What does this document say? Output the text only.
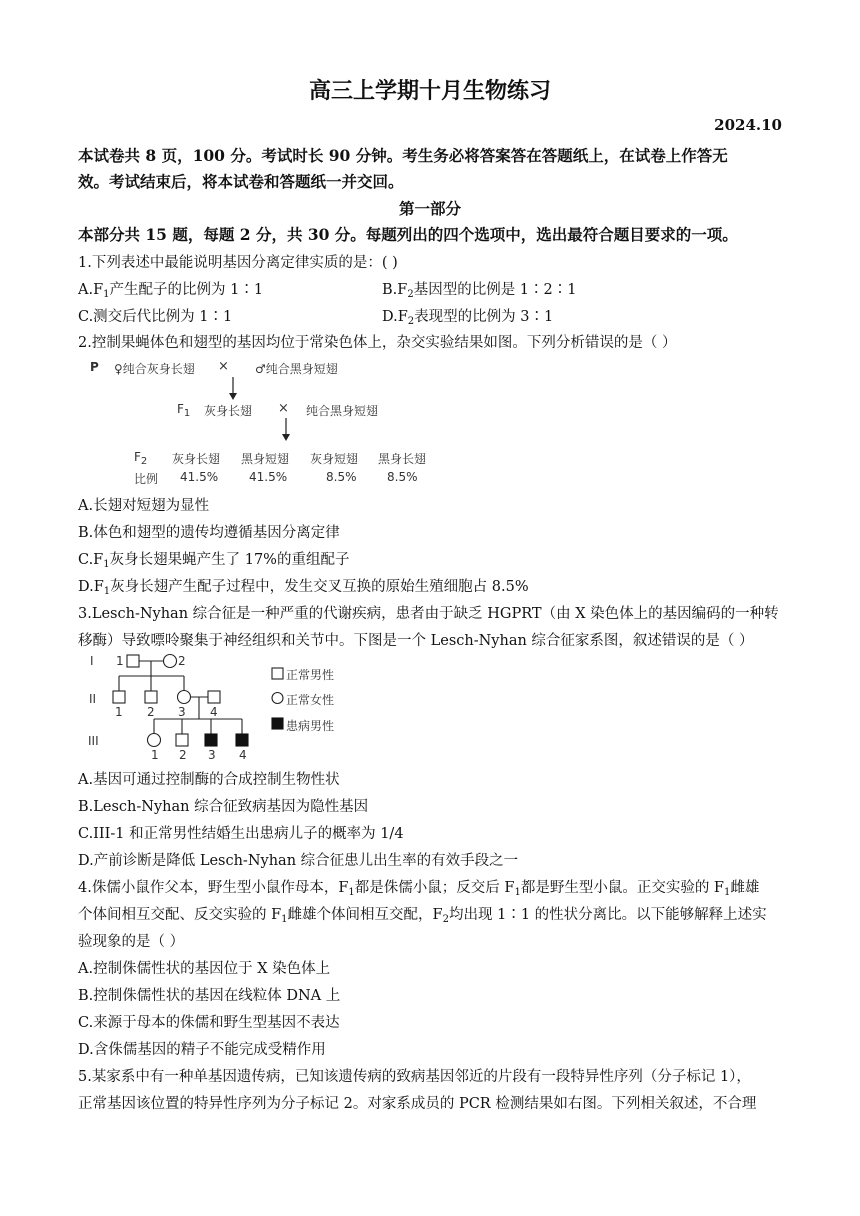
高三上学期十月生物练习
2024.10
本试卷共 8 页，100 分。考试时长 90 分钟。考生务必将答案答在答题纸上，在试卷上作答无
效。考试结束后，将本试卷和答题纸一并交回。
第一部分
本部分共 15 题，每题 2 分，共 30 分。每题列出的四个选项中，选出最符合题目要求的一项。
1.下列表述中最能说明基因分离定律实质的是：( )
$A.F_1$产生配子的比例为 1∶1	$B.F_2$基因型的比例是 1∶2∶1
C.测交后代比例为 1∶1	$D.F_2$表现型的比例为 3∶1
2.控制果蝇体色和翅型的基因均位于常染色体上，杂交实验结果如图。下列分析错误的是（ ）
P ♀纯合灰身长翅 × ♂纯合黑身短翅
$F_1$ 灰身长翅 × 纯合黑身短翅
$F_2$ 灰身长翅 黑身短翅 灰身短翅 黑身长翅
比例 41.5%	41.5%	8.5%	8.5%
A.长翅对短翅为显性
B.体色和翅型的遗传均遵循基因分离定律
$C.F_1$灰身长翅果蝇产生了 17%的重组配子
$D.F_1$灰身长翅产生配子过程中，发生交叉互换的原始生殖细胞占 8.5%
3.Lesch-Nyhan 综合征是一种严重的代谢疾病，患者由于缺乏 HGPRT（由 X 染色体上的基因编码的一种转
移酶）导致嘌呤聚集于神经组织和关节中。下图是一个 Lesch-Nyhan 综合征家系图，叙述错误的是（ ）
I
II
III
1	2
1 2 3 4
1 2 3 4
正常男性
正常女性
患病男性
A.基因可通过控制酶的合成控制生物性状
B.Lesch-Nyhan 综合征致病基因为隐性基因
C.III-1 和正常男性结婚生出患病儿子的概率为 1/4
D.产前诊断是降低 Lesch-Nyhan 综合征患儿出生率的有效手段之一
4.侏儒小鼠作父本，野生型小鼠作母本，$F_1$都是侏儒小鼠；反交后 $F_1$都是野生型小鼠。正交实验的 $F_1$雌雄
个体间相互交配、反交实验的 $F_1$雌雄个体间相互交配，$F_2$均出现 1∶1 的性状分离比。以下能够解释上述实
验现象的是（ ）
A.控制侏儒性状的基因位于 X 染色体上
B.控制侏儒性状的基因在线粒体 DNA 上
C.来源于母本的侏儒和野生型基因不表达
D.含侏儒基因的精子不能完成受精作用
5.某家系中有一种单基因遗传病，已知该遗传病的致病基因邻近的片段有一段特异性序列（分子标记 1），
正常基因该位置的特异性序列为分子标记 2。对家系成员的 PCR 检测结果如右图。下列相关叙述，不合理
